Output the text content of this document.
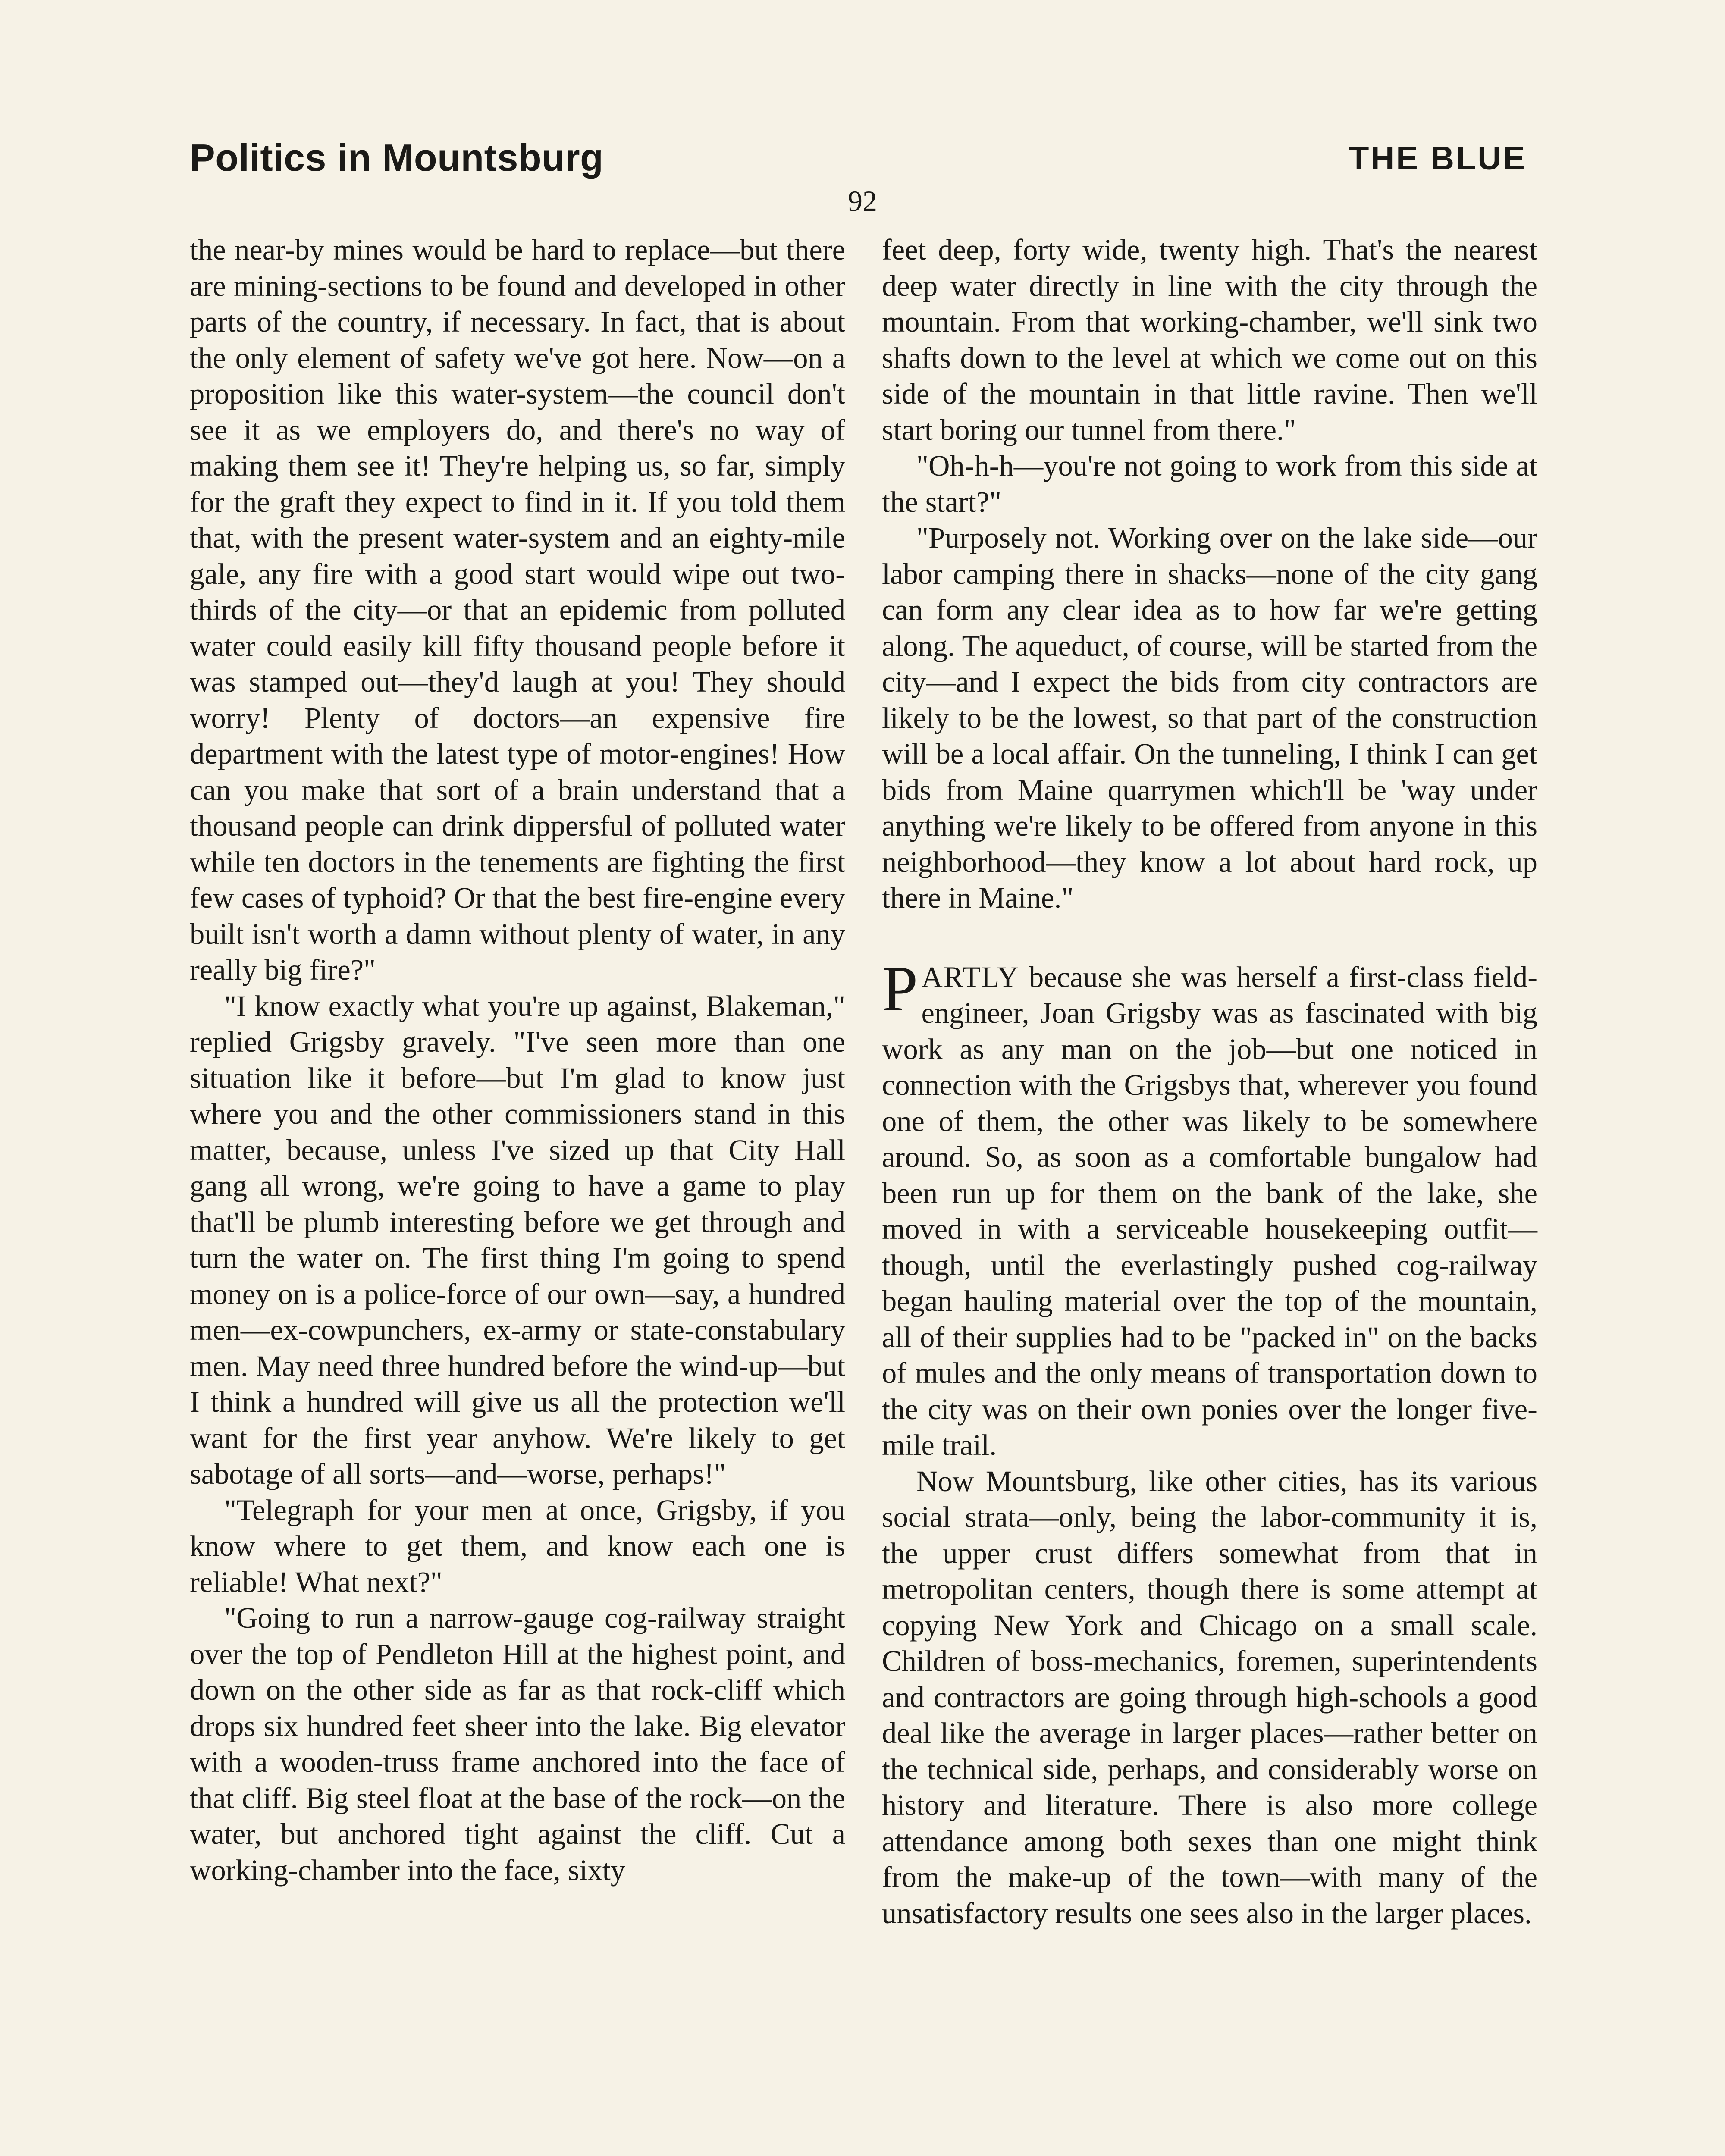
Politics in Mountsburg	THE BLUE
92

the near-by mines would be hard to replace—but there are mining-sections to be found and developed in other parts of the country, if necessary. In fact, that is about the only element of safety we've got here. Now—on a proposition like this water-system—the council don't see it as we employers do, and there's no way of making them see it! They're helping us, so far, simply for the graft they expect to find in it. If you told them that, with the present water-system and an eighty-mile gale, any fire with a good start would wipe out two-thirds of the city—or that an epidemic from polluted water could easily kill fifty thousand people before it was stamped out—they'd laugh at you! They should worry! Plenty of doctors—an expensive fire department with the latest type of motor-engines! How can you make that sort of a brain understand that a thousand people can drink dippersful of polluted water while ten doctors in the tenements are fighting the first few cases of typhoid? Or that the best fire-engine every built isn't worth a damn without plenty of water, in any really big fire?"

"I know exactly what you're up against, Blakeman," replied Grigsby gravely. "I've seen more than one situation like it before—but I'm glad to know just where you and the other commissioners stand in this matter, because, unless I've sized up that City Hall gang all wrong, we're going to have a game to play that'll be plumb interesting before we get through and turn the water on. The first thing I'm going to spend money on is a police-force of our own—say, a hundred men—ex-cowpunchers, ex-army or state-constabulary men. May need three hundred before the wind-up—but I think a hundred will give us all the protection we'll want for the first year anyhow. We're likely to get sabotage of all sorts—and—worse, perhaps!"

"Telegraph for your men at once, Grigsby, if you know where to get them, and know each one is reliable! What next?"

"Going to run a narrow-gauge cog-railway straight over the top of Pendleton Hill at the highest point, and down on the other side as far as that rock-cliff which drops six hundred feet sheer into the lake. Big elevator with a wooden-truss frame anchored into the face of that cliff. Big steel float at the base of the rock—on the water, but anchored tight against the cliff. Cut a working-chamber into the face, sixty

feet deep, forty wide, twenty high. That's the nearest deep water directly in line with the city through the mountain. From that working-chamber, we'll sink two shafts down to the level at which we come out on this side of the mountain in that little ravine. Then we'll start boring our tunnel from there."

"Oh-h-h—you're not going to work from this side at the start?"

"Purposely not. Working over on the lake side—our labor camping there in shacks—none of the city gang can form any clear idea as to how far we're getting along. The aqueduct, of course, will be started from the city—and I expect the bids from city contractors are likely to be the lowest, so that part of the construction will be a local affair. On the tunneling, I think I can get bids from Maine quarrymen which'll be 'way under anything we're likely to be offered from anyone in this neighborhood—they know a lot about hard rock, up there in Maine."

PARTLY because she was herself a first-class field-engineer, Joan Grigsby was as fascinated with big work as any man on the job—but one noticed in connection with the Grigsbys that, wherever you found one of them, the other was likely to be somewhere around. So, as soon as a comfortable bungalow had been run up for them on the bank of the lake, she moved in with a serviceable housekeeping outfit—though, until the everlastingly pushed cog-railway began hauling material over the top of the mountain, all of their supplies had to be "packed in" on the backs of mules and the only means of transportation down to the city was on their own ponies over the longer five-mile trail.

Now Mountsburg, like other cities, has its various social strata—only, being the labor-community it is, the upper crust differs somewhat from that in metropolitan centers, though there is some attempt at copying New York and Chicago on a small scale. Children of boss-mechanics, foremen, superintendents and contractors are going through high-schools a good deal like the average in larger places—rather better on the technical side, perhaps, and considerably worse on history and literature. There is also more college attendance among both sexes than one might think from the make-up of the town—with many of the unsatisfactory results one sees also in the larger places.
